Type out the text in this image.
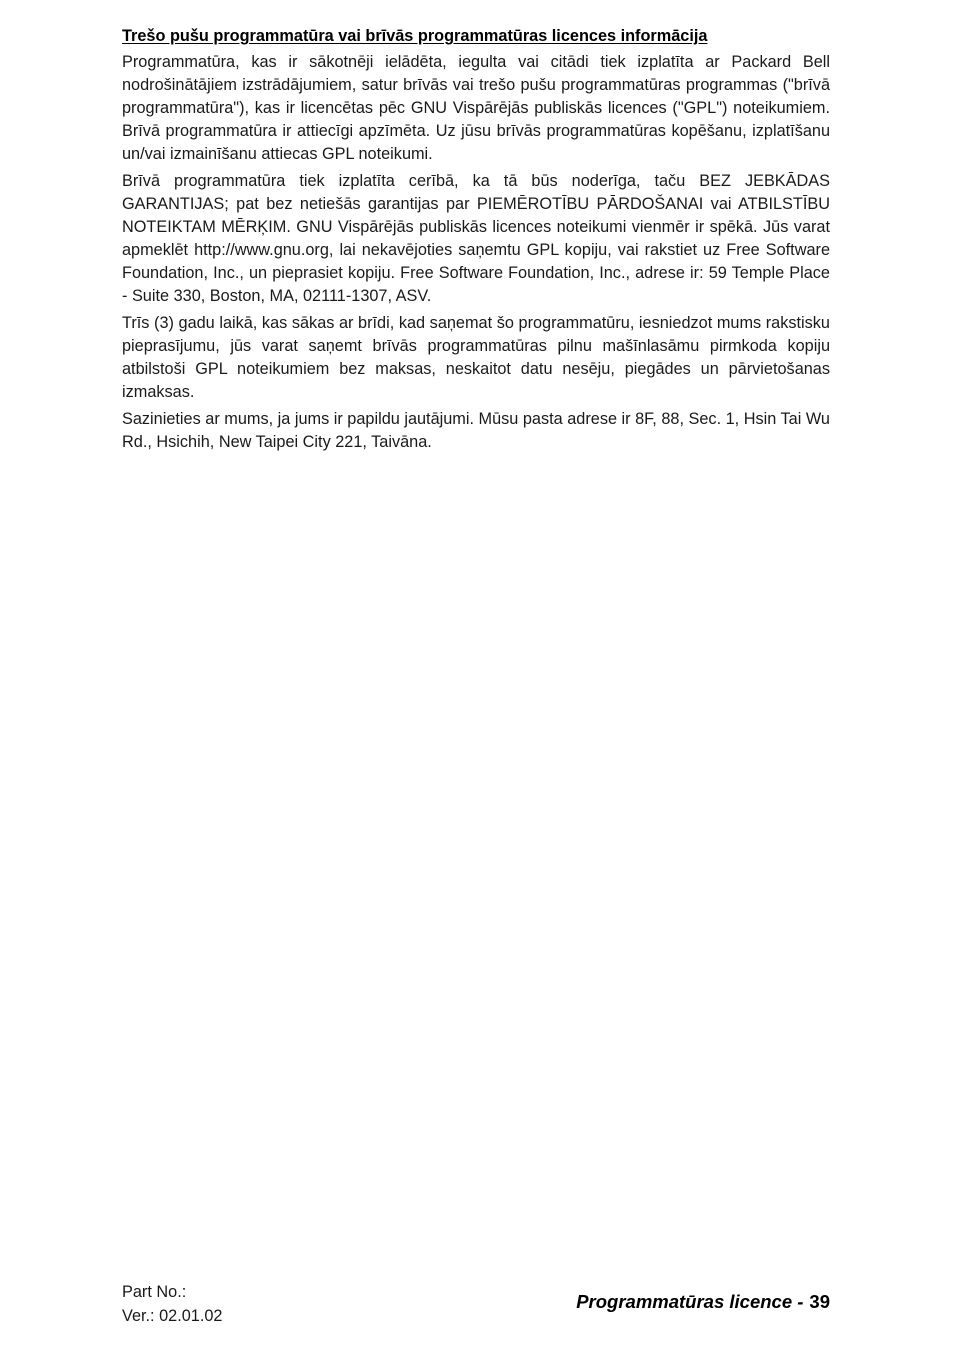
Trešo pušu programmatūra vai brīvās programmatūras licences informācija

Programmatūra, kas ir sākotnēji ielādēta, iegulta vai citādi tiek izplatīta ar Packard Bell nodrošinātājiem izstrādājumiem, satur brīvās vai trešo pušu programmatūras programmas ("brīvā programmatūra"), kas ir licencētas pēc GNU Vispārējās publiskās licences ("GPL") noteikumiem. Brīvā programmatūra ir attiecīgi apzīmēta. Uz jūsu brīvās programmatūras kopēšanu, izplatīšanu un/vai izmainīšanu attiecas GPL noteikumi.

Brīvā programmatūra tiek izplatīta cerībā, ka tā būs noderīga, taču BEZ JEBKĀDAS GARANTIJAS; pat bez netiešās garantijas par PIEMĒROTĪBU PĀRDOŠANAI vai ATBILSTĪBU NOTEIKTAM MĒRĶIM. GNU Vispārējās publiskās licences noteikumi vienmēr ir spēkā. Jūs varat apmeklēt http://www.gnu.org, lai nekavējoties saņemtu GPL kopiju, vai rakstiet uz Free Software Foundation, Inc., un pieprasiet kopiju. Free Software Foundation, Inc., adrese ir: 59 Temple Place - Suite 330, Boston, MA, 02111-1307, ASV.

Trīs (3) gadu laikā, kas sākas ar brīdi, kad saņemat šo programmatūru, iesniedzot mums rakstisku pieprasījumu, jūs varat saņemt brīvās programmatūras pilnu mašīnlasāmu pirmkoda kopiju atbilstoši GPL noteikumiem bez maksas, neskaitot datu nesēju, piegādes un pārvietošanas izmaksas.

Sazinieties ar mums, ja jums ir papildu jautājumi. Mūsu pasta adrese ir 8F, 88, Sec. 1, Hsin Tai Wu Rd., Hsichih, New Taipei City 221, Taivāna.

Part No.:
Ver.: 02.01.02
Programmatūras licence - 39
